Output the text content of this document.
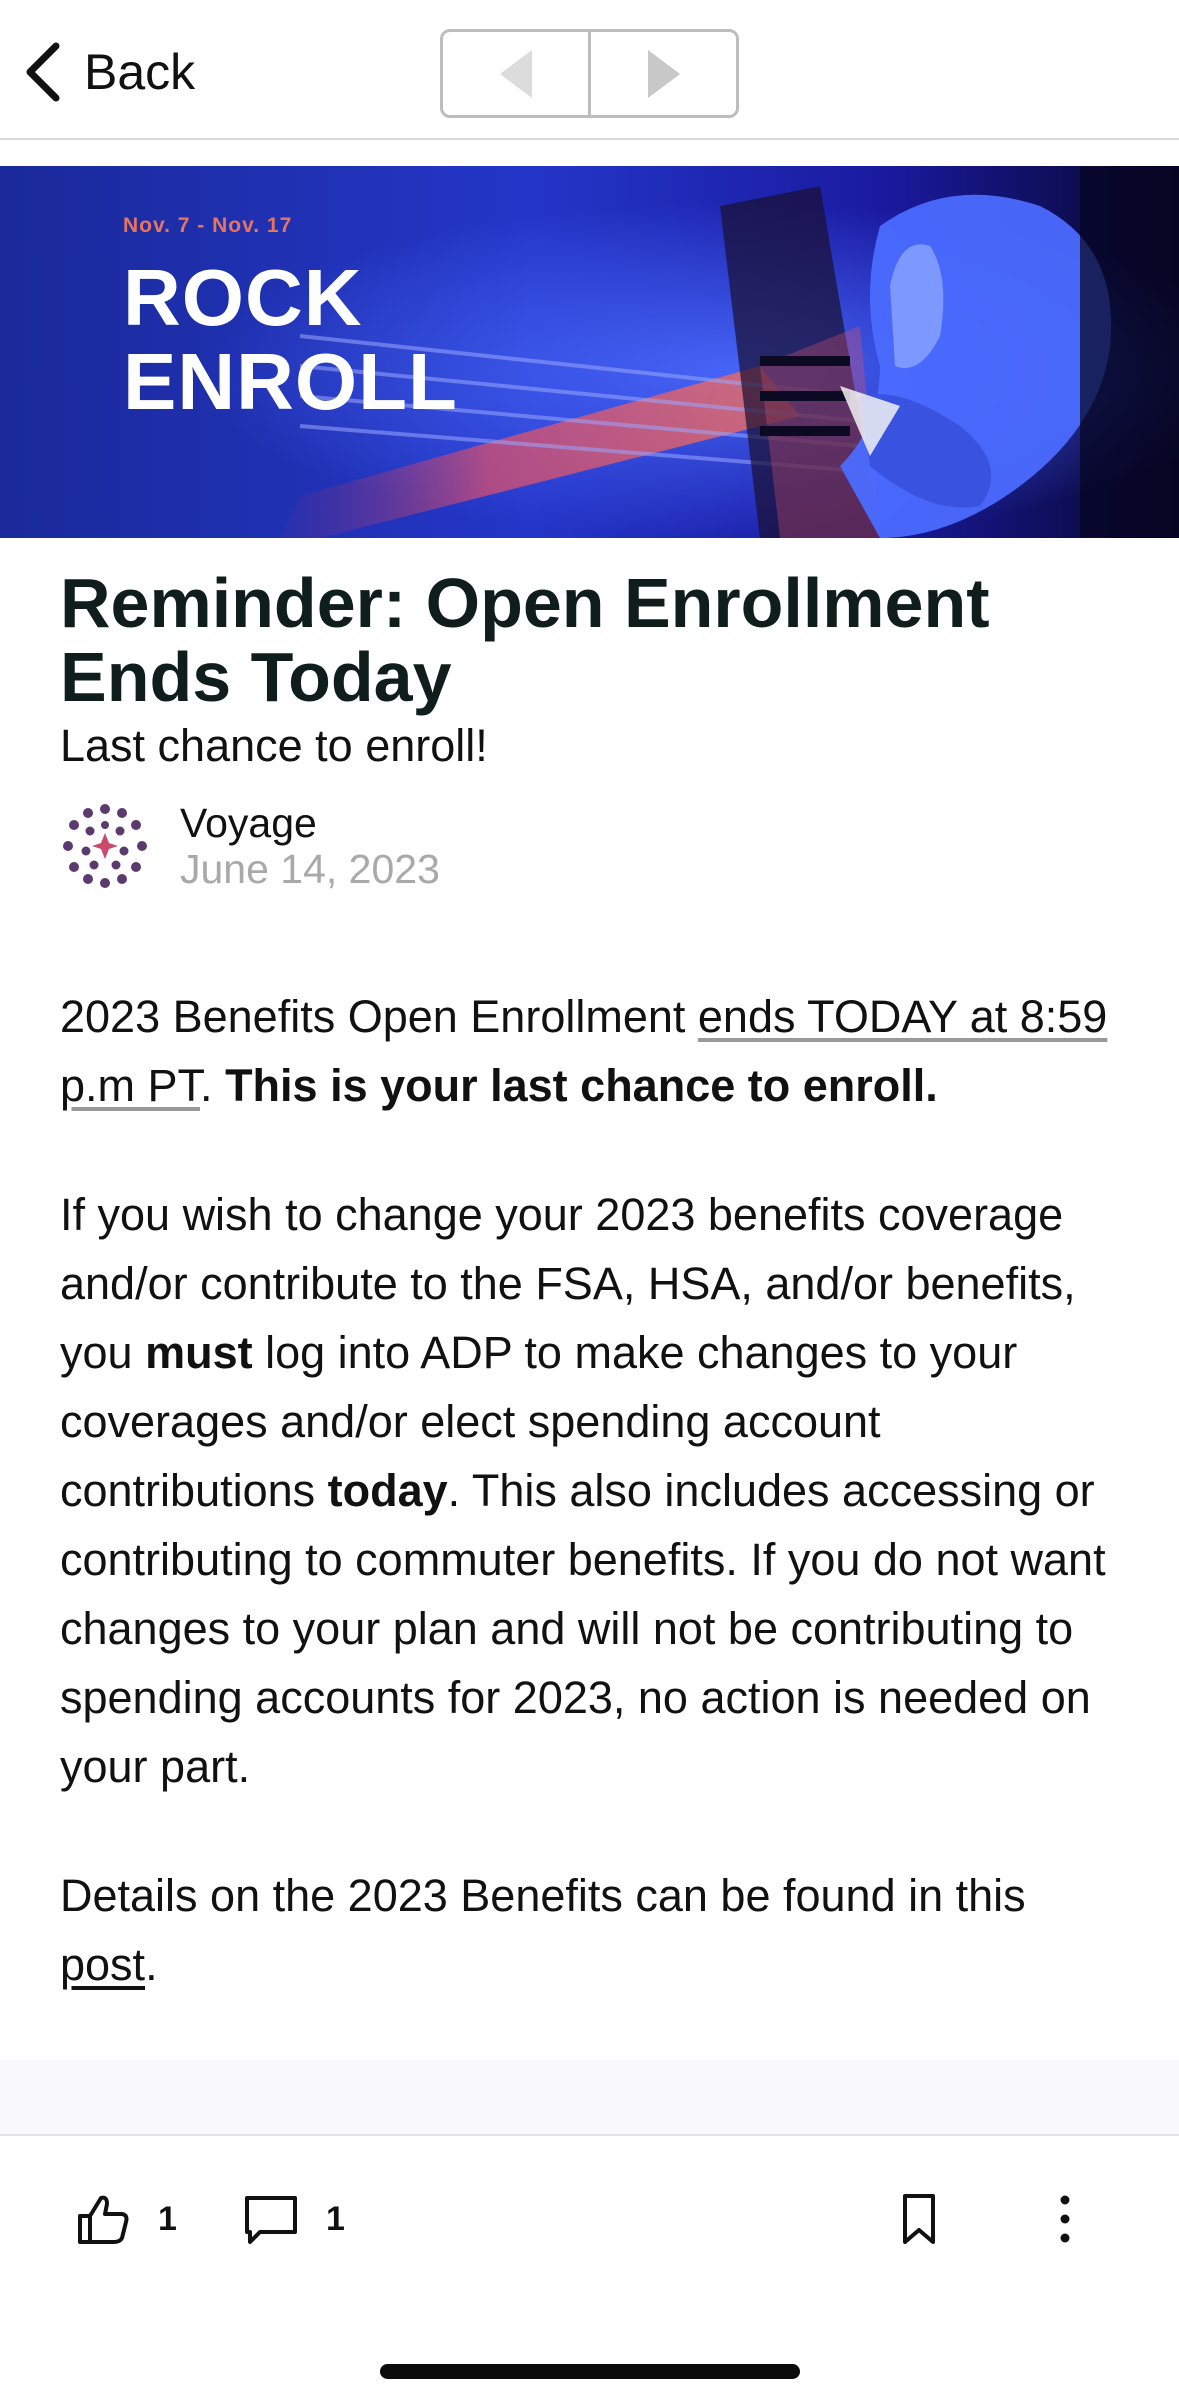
Back
Nov. 7 - Nov. 17
ROCK
ENROLL
Reminder: Open Enrollment Ends Today
Last chance to enroll!
Voyage
June 14, 2023

2023 Benefits Open Enrollment ends TODAY at 8:59 p.m PT. This is your last chance to enroll.

If you wish to change your 2023 benefits coverage and/or contribute to the FSA, HSA, and/or benefits, you must log into ADP to make changes to your coverages and/or elect spending account contributions today. This also includes accessing or contributing to commuter benefits. If you do not want changes to your plan and will not be contributing to spending accounts for 2023, no action is needed on your part.

Details on the 2023 Benefits can be found in this post.

1	1
